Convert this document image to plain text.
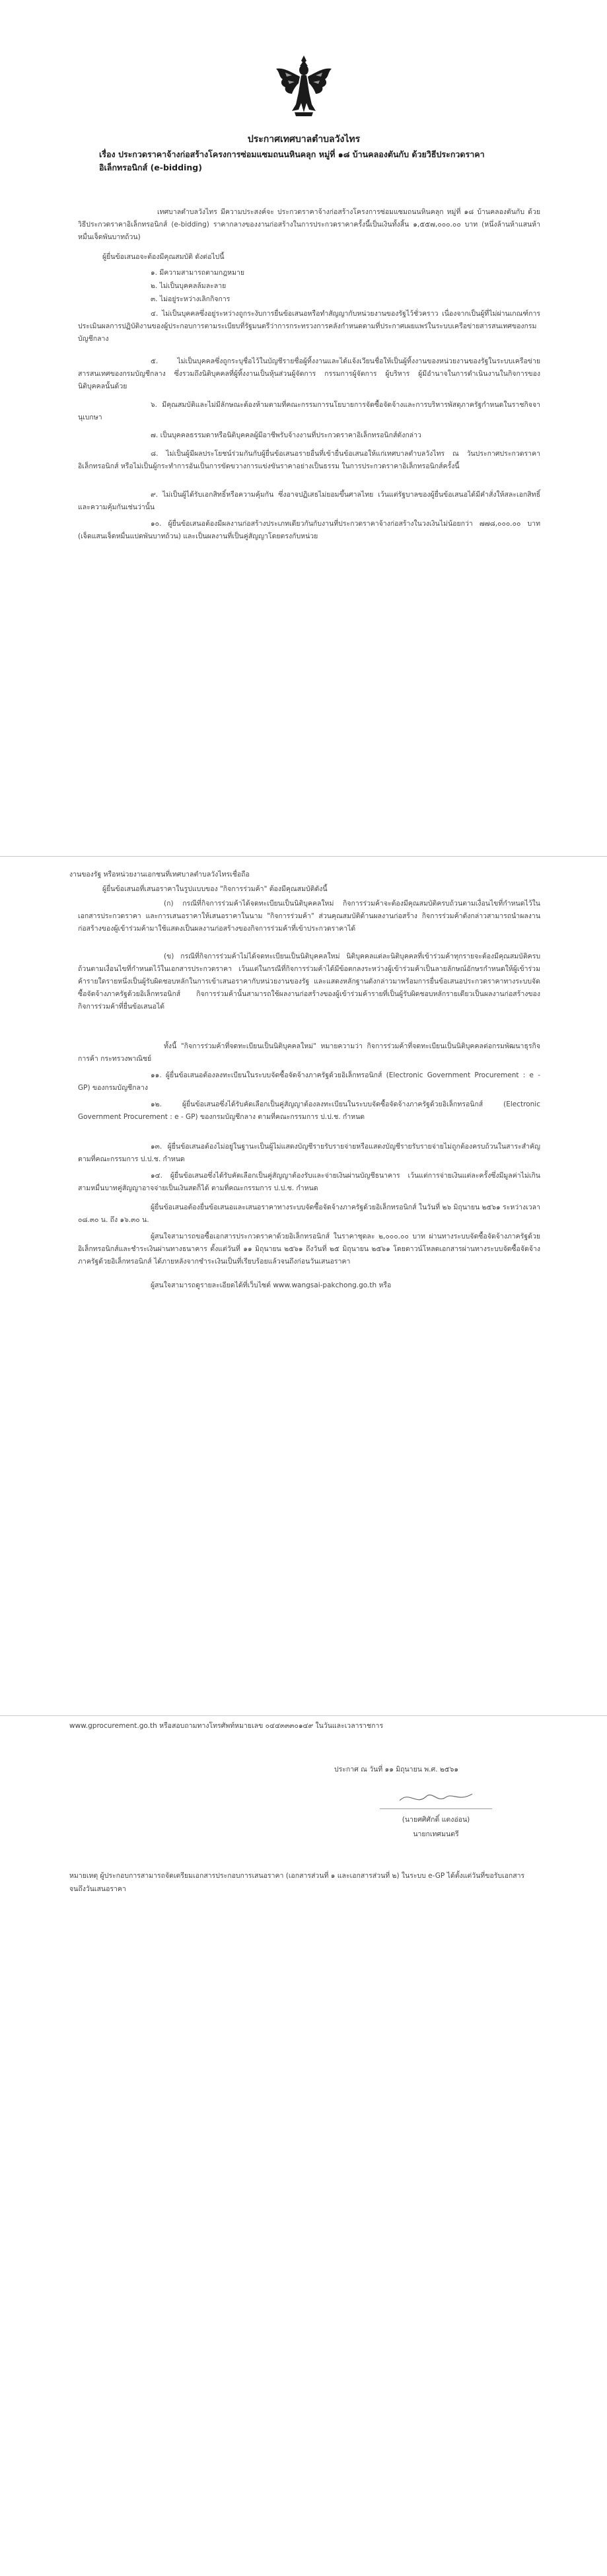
ประกาศเทศบาลตำบลวังไทร

เรื่อง ประกวดราคาจ้างก่อสร้างโครงการซ่อมแซมถนนหินคลุก หมู่ที่ ๑๘ บ้านคลองตันกับ ด้วยวิธีประกวดราคาอิเล็กทรอนิกส์ (e-bidding)

เทศบาลตำบลวังไทร มีความประสงค์จะ ประกวดราคาจ้างก่อสร้างโครงการซ่อมแซมถนนหินคลุก หมู่ที่ ๑๘ บ้านคลองตันกับ ด้วยวิธีประกวดราคาอิเล็กทรอนิกส์ (e-bidding) ราคากลางของงานก่อสร้างในการประกวดราคาครั้งนี้เป็นเงินทั้งสิ้น ๑,๕๕๗,๐๐๐.๐๐ บาท (หนึ่งล้านห้าแสนห้าหมื่นเจ็ดพันบาทถ้วน)

ผู้ยื่นข้อเสนอจะต้องมีคุณสมบัติ ดังต่อไปนี้

๑. มีความสามารถตามกฎหมาย

๒. ไม่เป็นบุคคลล้มละลาย

๓. ไม่อยู่ระหว่างเลิกกิจการ

๔. ไม่เป็นบุคคลซึ่งอยู่ระหว่างถูกระงับการยื่นข้อเสนอหรือทำสัญญากับหน่วยงานของรัฐไว้ชั่วคราว เนื่องจากเป็นผู้ที่ไม่ผ่านเกณฑ์การประเมินผลการปฏิบัติงานของผู้ประกอบการตามระเบียบที่รัฐมนตรีว่าการกระทรวงการคลังกำหนดตามที่ประกาศเผยแพร่ในระบบเครือข่ายสารสนเทศของกรมบัญชีกลาง

๕. ไม่เป็นบุคคลซึ่งถูกระบุชื่อไว้ในบัญชีรายชื่อผู้ทิ้งงานและได้แจ้งเวียนชื่อให้เป็นผู้ทิ้งงานของหน่วยงานของรัฐในระบบเครือข่ายสารสนเทศของกรมบัญชีกลาง ซึ่งรวมถึงนิติบุคคลที่ผู้ทิ้งงานเป็นหุ้นส่วนผู้จัดการ กรรมการผู้จัดการ ผู้บริหาร ผู้มีอำนาจในการดำเนินงานในกิจการของนิติบุคคลนั้นด้วย

๖. มีคุณสมบัติและไม่มีลักษณะต้องห้ามตามที่คณะกรรมการนโยบายการจัดซื้อจัดจ้างและการบริหารพัสดุภาครัฐกำหนดในราชกิจจานุเบกษา

๗. เป็นบุคคลธรรมดาหรือนิติบุคคลผู้มีอาชีพรับจ้างงานที่ประกวดราคาอิเล็กทรอนิกส์ดังกล่าว

๘. ไม่เป็นผู้มีผลประโยชน์ร่วมกันกับผู้ยื่นข้อเสนอรายอื่นที่เข้ายื่นข้อเสนอให้แก่เทศบาลตำบลวังไทร ณ วันประกาศประกวดราคาอิเล็กทรอนิกส์ หรือไม่เป็นผู้กระทำการอันเป็นการขัดขวางการแข่งขันราคาอย่างเป็นธรรม ในการประกวดราคาอิเล็กทรอนิกส์ครั้งนี้

๙. ไม่เป็นผู้ได้รับเอกสิทธิ์หรือความคุ้มกัน ซึ่งอาจปฏิเสธไม่ยอมขึ้นศาลไทย เว้นแต่รัฐบาลของผู้ยื่นข้อเสนอได้มีคำสั่งให้สละเอกสิทธิ์และความคุ้มกันเช่นว่านั้น

๑๐. ผู้ยื่นข้อเสนอต้องมีผลงานก่อสร้างประเภทเดียวกันกับงานที่ประกวดราคาจ้างก่อสร้างในวงเงินไม่น้อยกว่า ๗๗๘,๐๐๐.๐๐ บาท (เจ็ดแสนเจ็ดหมื่นแปดพันบาทถ้วน) และเป็นผลงานที่เป็นคู่สัญญาโดยตรงกับหน่วย

งานของรัฐ หรือหน่วยงานเอกชนที่เทศบาลตำบลวังไทรเชื่อถือ

ผู้ยื่นข้อเสนอที่เสนอราคาในรูปแบบของ "กิจการร่วมค้า" ต้องมีคุณสมบัติดังนี้

(ก) กรณีที่กิจการร่วมค้าได้จดทะเบียนเป็นนิติบุคคลใหม่ กิจการร่วมค้าจะต้องมีคุณสมบัติครบถ้วนตามเงื่อนไขที่กำหนดไว้ในเอกสารประกวดราคา และการเสนอราคาให้เสนอราคาในนาม "กิจการร่วมค้า" ส่วนคุณสมบัติด้านผลงานก่อสร้าง กิจการร่วมค้าดังกล่าวสามารถนำผลงานก่อสร้างของผู้เข้าร่วมค้ามาใช้แสดงเป็นผลงานก่อสร้างของกิจการร่วมค้าที่เข้าประกวดราคาได้

(ข) กรณีที่กิจการร่วมค้าไม่ได้จดทะเบียนเป็นนิติบุคคลใหม่ นิติบุคคลแต่ละนิติบุคคลที่เข้าร่วมค้าทุกรายจะต้องมีคุณสมบัติครบถ้วนตามเงื่อนไขที่กำหนดไว้ในเอกสารประกวดราคา เว้นแต่ในกรณีที่กิจการร่วมค้าได้มีข้อตกลงระหว่างผู้เข้าร่วมค้าเป็นลายลักษณ์อักษรกำหนดให้ผู้เข้าร่วมค้ารายใดรายหนึ่งเป็นผู้รับผิดชอบหลักในการเข้าเสนอราคากับหน่วยงานของรัฐ และแสดงหลักฐานดังกล่าวมาพร้อมการยื่นข้อเสนอประกวดราคาทางระบบจัดซื้อจัดจ้างภาครัฐด้วยอิเล็กทรอนิกส์ กิจการร่วมค้านั้นสามารถใช้ผลงานก่อสร้างของผู้เข้าร่วมค้ารายที่เป็นผู้รับผิดชอบหลักรายเดียวเป็นผลงานก่อสร้างของกิจการร่วมค้าที่ยื่นข้อเสนอได้

ทั้งนี้ "กิจการร่วมค้าที่จดทะเบียนเป็นนิติบุคคลใหม่" หมายความว่า กิจการร่วมค้าที่จดทะเบียนเป็นนิติบุคคลต่อกรมพัฒนาธุรกิจการค้า กระทรวงพาณิชย์

๑๑. ผู้ยื่นข้อเสนอต้องลงทะเบียนในระบบจัดซื้อจัดจ้างภาครัฐด้วยอิเล็กทรอนิกส์ (Electronic Government Procurement : e - GP) ของกรมบัญชีกลาง

๑๒. ผู้ยื่นข้อเสนอซึ่งได้รับคัดเลือกเป็นคู่สัญญาต้องลงทะเบียนในระบบจัดซื้อจัดจ้างภาครัฐด้วยอิเล็กทรอนิกส์ (Electronic Government Procurement : e - GP) ของกรมบัญชีกลาง ตามที่คณะกรรมการ ป.ป.ช. กำหนด

๑๓. ผู้ยื่นข้อเสนอต้องไม่อยู่ในฐานะเป็นผู้ไม่แสดงบัญชีรายรับรายจ่ายหรือแสดงบัญชีรายรับรายจ่ายไม่ถูกต้องครบถ้วนในสาระสำคัญ ตามที่คณะกรรมการ ป.ป.ช. กำหนด

๑๔. ผู้ยื่นข้อเสนอซึ่งได้รับคัดเลือกเป็นคู่สัญญาต้องรับและจ่ายเงินผ่านบัญชีธนาคาร เว้นแต่การจ่ายเงินแต่ละครั้งซึ่งมีมูลค่าไม่เกินสามหมื่นบาทคู่สัญญาอาจจ่ายเป็นเงินสดก็ได้ ตามที่คณะกรรมการ ป.ป.ช. กำหนด

ผู้ยื่นข้อเสนอต้องยื่นข้อเสนอและเสนอราคาทางระบบจัดซื้อจัดจ้างภาครัฐด้วยอิเล็กทรอนิกส์ ในวันที่ ๒๖ มิถุนายน ๒๕๖๑ ระหว่างเวลา ๐๘.๓๐ น. ถึง ๑๖.๓๐ น.

ผู้สนใจสามารถขอซื้อเอกสารประกวดราคาด้วยอิเล็กทรอนิกส์ ในราคาชุดละ ๒,๐๐๐.๐๐ บาท ผ่านทางระบบจัดซื้อจัดจ้างภาครัฐด้วยอิเล็กทรอนิกส์และชำระเงินผ่านทางธนาคาร ตั้งแต่วันที่ ๑๑ มิถุนายน ๒๕๖๑ ถึงวันที่ ๒๕ มิถุนายน ๒๕๖๑ โดยดาวน์โหลดเอกสารผ่านทางระบบจัดซื้อจัดจ้างภาครัฐด้วยอิเล็กทรอนิกส์ ได้ภายหลังจากชำระเงินเป็นที่เรียบร้อยแล้วจนถึงก่อนวันเสนอราคา

ผู้สนใจสามารถดูรายละเอียดได้ที่เว็บไซต์ www.wangsai-pakchong.go.th หรือ

www.gprocurement.go.th หรือสอบถามทางโทรศัพท์หมายเลข ๐๔๔๓๓๓๐๑๔๙ ในวันและเวลาราชการ

ประกาศ ณ วันที่ ๑๑ มิถุนายน พ.ศ. ๒๕๖๑

(นายศศิศักดิ์ แตงอ่อน)

นายกเทศมนตรี

หมายเหตุ ผู้ประกอบการสามารถจัดเตรียมเอกสารประกอบการเสนอราคา (เอกสารส่วนที่ ๑ และเอกสารส่วนที่ ๒) ในระบบ e-GP ได้ตั้งแต่วันที่ขอรับเอกสารจนถึงวันเสนอราคา
